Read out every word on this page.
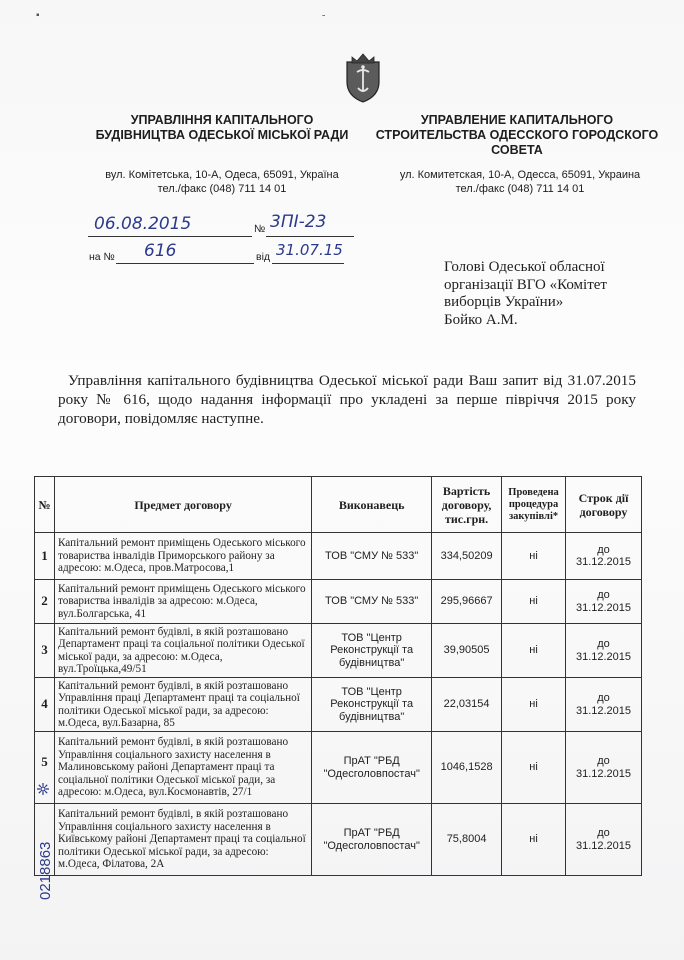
▪	-
УПРАВЛІННЯ КАПІТАЛЬНОГО БУДІВНИЦТВА ОДЕСЬКОЇ МІСЬКОЇ РАДИ
УПРАВЛЕНИЕ КАПИТАЛЬНОГО СТРОИТЕЛЬСТВА ОДЕССКОГО ГОРОДСКОГО СОВЕТА
вул. Комітетська, 10-А, Одеса, 65091, Україна
тел./факс (048) 711 14 01
ул. Комитетская, 10-А, Одесса, 65091, Украина
тел./факс (048) 711 14 01
06.08.2015	№ 3ПІ-23
на № 616	від 31.07.15
Голові Одеської обласної
організації ВГО «Комітет
виборців України»
Бойко А.М.
Управління капітального будівництва Одеської міської ради Ваш запит від 31.07.2015 року № 616, щодо надання інформації про укладені за перше півріччя 2015 року договори, повідомляє наступне.
№	Предмет договору	Виконавець	Вартість договору, тис.грн.	Проведена процедура закупівлі*	Строк дії договору
1	Капітальний ремонт приміщень Одеського міського товариства інвалідів Приморського району за адресою: м.Одеса, пров.Матросова,1	ТОВ "СМУ № 533"	334,50209	ні	до 31.12.2015
2	Капітальний ремонт приміщень Одеського міського товариства інвалідів за адресою: м.Одеса, вул.Болгарська, 41	ТОВ "СМУ № 533"	295,96667	ні	до 31.12.2015
3	Капітальний ремонт будівлі, в якій розташовано Департамент праці та соціальної політики Одеської міської ради, за адресою: м.Одеса, вул.Троїцька,49/51	ТОВ "Центр Реконструкції та будівництва"	39,90505	ні	до 31.12.2015
4	Капітальний ремонт будівлі, в якій розташовано Управління праці Департамент праці та соціальної політики Одеської міської ради, за адресою: м.Одеса, вул.Базарна, 85	ТОВ "Центр Реконструкції та будівництва"	22,03154	ні	до 31.12.2015
5	Капітальний ремонт будівлі, в якій розташовано Управління соціального захисту населення в Малиновському районі Департамент праці та соціальної політики Одеської міської ради, за адресою: м.Одеса, вул.Космонавтів, 27/1	ПрАТ "РБД "Одесголовпостач"	1046,1528	ні	до 31.12.2015
	Капітальний ремонт будівлі, в якій розташовано Управління соціального захисту населення в Київському районі Департамент праці та соціальної політики Одеської міської ради, за адресою: м.Одеса, Філатова, 2А	ПрАТ "РБД "Одесголовпостач"	75,8004	ні	до 31.12.2015
0218863
